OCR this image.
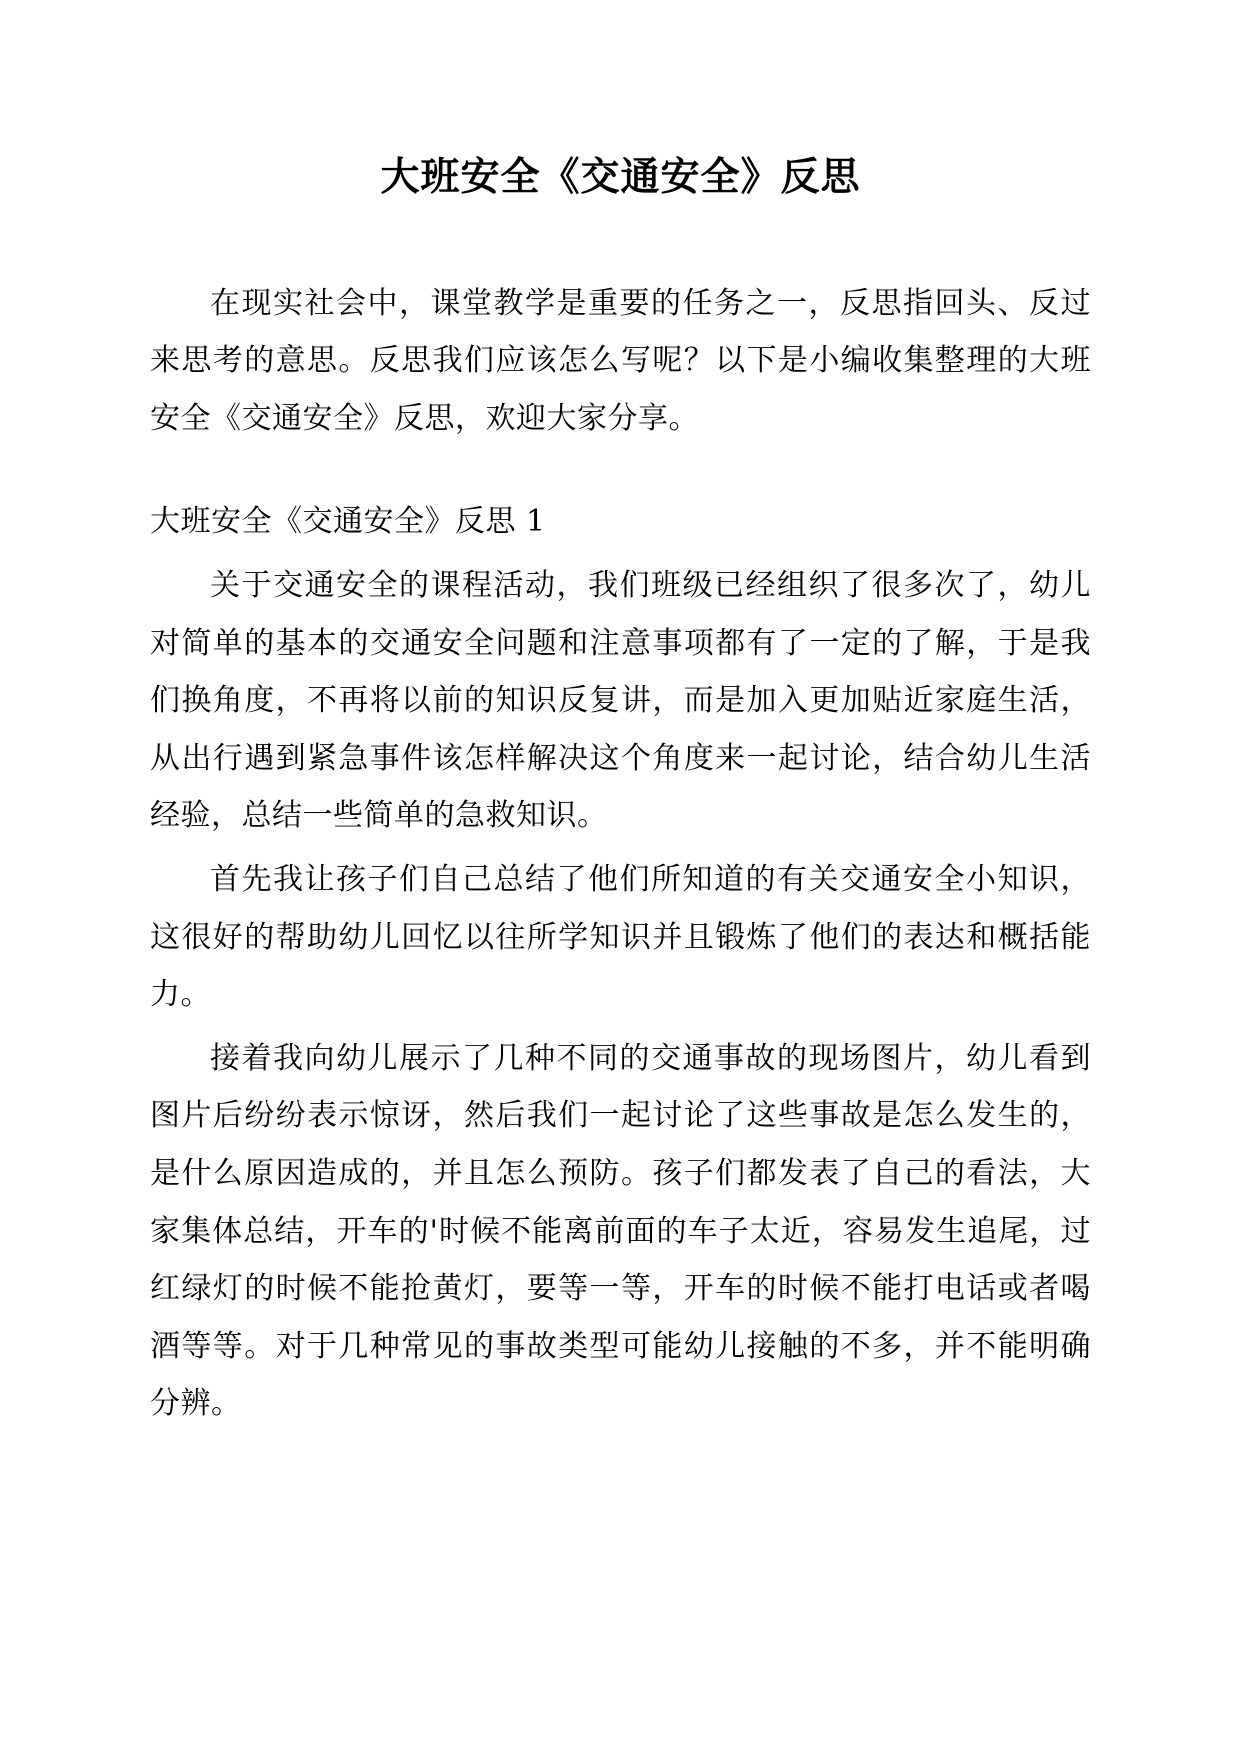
大班安全《交通安全》反思

在现实社会中，课堂教学是重要的任务之一，反思指回头、反过来思考的意思。反思我们应该怎么写呢？以下是小编收集整理的大班安全《交通安全》反思，欢迎大家分享。

大班安全《交通安全》反思 1

关于交通安全的课程活动，我们班级已经组织了很多次了，幼儿对简单的基本的交通安全问题和注意事项都有了一定的了解，于是我们换角度，不再将以前的知识反复讲，而是加入更加贴近家庭生活，从出行遇到紧急事件该怎样解决这个角度来一起讨论，结合幼儿生活经验，总结一些简单的急救知识。

首先我让孩子们自己总结了他们所知道的有关交通安全小知识，这很好的帮助幼儿回忆以往所学知识并且锻炼了他们的表达和概括能力。

接着我向幼儿展示了几种不同的交通事故的现场图片，幼儿看到图片后纷纷表示惊讶，然后我们一起讨论了这些事故是怎么发生的，是什么原因造成的，并且怎么预防。孩子们都发表了自己的看法，大家集体总结，开车的'时候不能离前面的车子太近，容易发生追尾，过红绿灯的时候不能抢黄灯，要等一等，开车的时候不能打电话或者喝酒等等。对于几种常见的事故类型可能幼儿接触的不多，并不能明确分辨。
